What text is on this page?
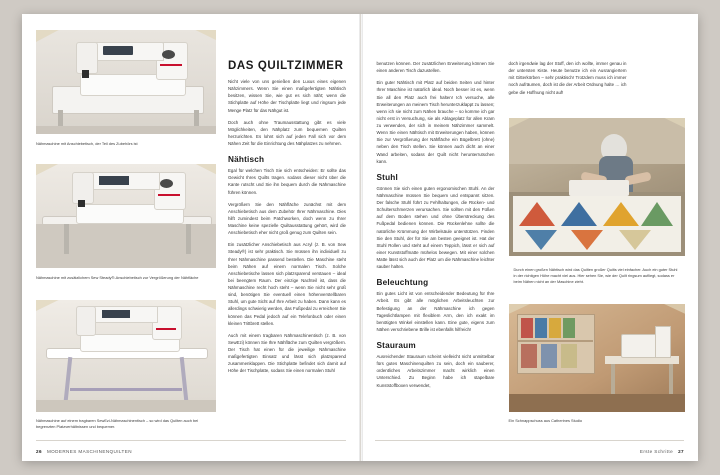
Nähmaschine mit Anschiebetisch, der Teil des Zubehörs ist

Nähmaschine mit zusätzlichem Sew Steady®-Anschiebetisch zur Vergrößerung der Nähfläche

Nähmaschine auf einem tragbaren SewEzi-Nähmaschinentisch – so wird das Quilten auch bei begrenzten Platzverhältnissen und bequemer.

DAS QUILTZIMMER

Nicht viele von uns genießen den Luxus eines eigenen Nähzimmers. Wenn Sie einen maßgefertigten Nähtisch besitzen, wissen Sie, wie gut es sich näht; wenn die Stichplatte auf Höhe der Tischplatte liegt und ringsum jede Menge Platz für das Nähgut ist.

Doch auch ohne Traumausstattung gibt es viele Möglichkeiten, den Nähplatz zum bequemen Quilten herzurichten. Es lohnt sich auf jeden Fall sich vor dem Nähen Zeit für die Einrichtung des Nähplatzes zu nehmen.

Nähtisch

Egal für welchen Tisch Sie sich entscheiden: Er sollte das Gewicht Ihres Quilts tragen. sodass dieser nicht über die Kante rutscht und Sie ihn bequem durch die Nähmaschine führen können.

Vergrößern Sie den Nähfläche zunächst mit dem Anschiebetisch aus dem Zubehör Ihrer Nähmaschine. Dies hilft zumindest beim Patchworken, doch wenn zu Ihrer Maschine keine spezielle Quiltausstattung gehört, wird die Anschiebetisch eher nicht groß genug zum Quilten sein.

Ein zusätzlicher Anschiebetisch aus Acryl (z. B. von Sew Steady®) ist sehr praktisch. Sie müssen ihn individuell zu Ihrer Nähmaschine passend bestellen. Die Maschine steht beim Nähen auf einem normalen Tisch. Solche Anschiebetische lassen sich platzsparend verstauen – ideal bei beengtem Raum. Der einzige Nachteil ist, dass die Nähmaschine recht hoch steht – wenn Sie nicht sehr groß sind, benötigen Sie eventuell einen höhenverstellbaren Stuhl, um gute Sicht auf Ihre Arbeit zu haben. Dann kann es allerdings schwierig werden, das Fußpedal zu erreichen! Sie können das Pedal jedoch auf ein Telefonbuch oder einen kleinen Trittbrett stellen.

Auch mit einem tragbaren Nähmaschinentisch (z. B. von SewEzi) können Sie Ihre Nähfläche zum Quilten vergrößern. Der Tisch hat einen für die jeweilige Nähmaschine maßgefertigten Einsatz und lässt sich platzsparend zusammenklappen. Die Stichplatte befindet sich damit auf Höhe der Tischplatte, sodass Sie einen normalen Stuhl

26 MODERNES MASCHINENQUILTEN

benutzen können. Der zusätzlichen Erweiterung können Sie einen anderen Tisch dazustellen.

Ein guter Nähtisch mit Platz auf beiden Seiten und hinter Ihrer Maschine ist natürlich ideal. Noch besser ist es, wenn Sie all den Platz auch frei halten! Ich versuche, alle Erweiterungen an meinem Tisch herunterzuklappt zu lassen; wenn ich sie nicht zum Nähen brauche – so komme ich gar nicht erst in Versuchung, sie als Ablageplatz für allen Kram zu verwenden, der sich in meinem Nähzimmer sammelt. Wenn Sie einen Nähtisch mit Erweiterungen haben, können Sie zur Vergrößerung der Nähfläche ein Bügelbrett (ohne) neben den Tisch stellen. Sie können auch dicht an einer Wand arbeiten, sodass der Quilt nicht herunterrutschen kann.

Stuhl

Gönnen Sie sich einen guten ergonomischen Stuhl. An der Nähmaschine müssen Sie bequem und entspannt sitzen. Der falsche Stuhl führt zu Fehlhaltungen, die Rücken- und Schulterschmerzen verursachen. Sie sollten mit den Füßen auf dem Boden stehen und ohne Überstreckung des Fußpedal bedienen können. Die Rückenlehne sollte die natürliche Krümmung der Wirbelsäule unterstützen. Finden Sie den Stuhl, der für Sie am besten geeignet ist. Hat der Stuhl Rollen und steht auf einem Teppich, lässt er sich auf einer Kunststoffmatte mühelos bewegen. Mit einer solchen Matte lässt sich auch der Platz um die Nähmaschine leichter sauber halten.

Beleuchtung

Ein gutes Licht ist von entscheidender Bedeutung für Ihre Arbeit. Es gibt alle möglichen Arbeitsleuchten zur Befestigung an der Nähmaschine ich gegen Tageslichtlampen mit flexiblem Arm, den ich exakt im benötigten Winkel einstellen kann. Eine gute, eigens zum Nähen verschriebene Brille ist ebenfalls hilfreich!

Stauraum

Ausreichender Stauraum scheint vielleicht nicht unmittelbar fürs gutes Maschinenquilten zu sein, doch ein sauberer, ordentliches Arbeitszimmer macht wirklich einen Unterschied. Zu Beginn habe ich stapelbare Kunststoffboxen verwendet,

doch irgendwie lag der Stoff, den ich wollte, immer genau in der untersten Kiste. Heute benutze ich ein Ausrangiertem mit Gitterkörben – sehr praktisch! Trotzdem muss ich immer noch aufräumen, doch ist die der Arbeit Ordnung halte … ich gebe die Hoffnung nicht auf!

Durch einen großen Nähtisch wird das Quilten großer Quilts viel einfacher. Auch ein guter Stuhl in der richtigen Höhe macht viel aus. Hier sehen Sie, wie der Quilt ringsum aufliegt, sodass er beim Nähen nicht an der Maschine zieht.

Ein Schnappschuss aus Catherines Studio

Erste Schritte 27
